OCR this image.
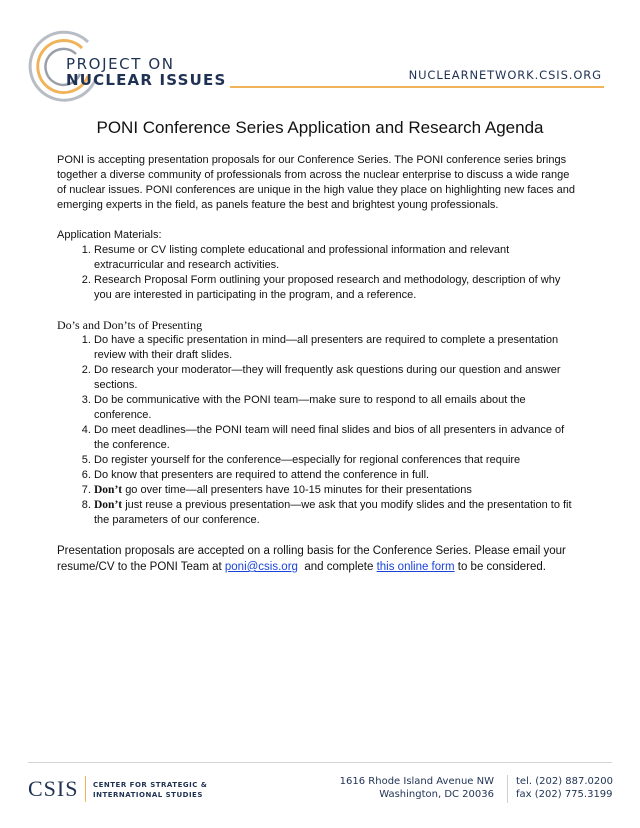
PROJECT ON
NUCLEAR ISSUES	NUCLEARNETWORK.CSIS.ORG
PONI Conference Series Application and Research Agenda

PONI is accepting presentation proposals for our Conference Series. The PONI conference series brings together a diverse community of professionals from across the nuclear enterprise to discuss a wide range of nuclear issues. PONI conferences are unique in the high value they place on highlighting new faces and emerging experts in the field, as panels feature the best and brightest young professionals.

Application Materials:

1. Resume or CV listing complete educational and professional information and relevant extracurricular and research activities.
2. Research Proposal Form outlining your proposed research and methodology, description of why you are interested in participating in the program, and a reference.

Do’s and Don’ts of Presenting

1. Do have a specific presentation in mind—all presenters are required to complete a presentation review with their draft slides.
2. Do research your moderator—they will frequently ask questions during our question and answer sections.
3. Do be communicative with the PONI team—make sure to respond to all emails about the conference.
4. Do meet deadlines—the PONI team will need final slides and bios of all presenters in advance of the conference.
5. Do register yourself for the conference—especially for regional conferences that require
6. Do know that presenters are required to attend the conference in full.
7. Don’t go over time—all presenters have 10-15 minutes for their presentations
8. Don’t just reuse a previous presentation—we ask that you modify slides and the presentation to fit the parameters of our conference.

Presentation proposals are accepted on a rolling basis for the Conference Series. Please email your resume/CV to the PONI Team at poni@csis.org  and complete this online form to be considered.

CSIS CENTER FOR STRATEGIC &
INTERNATIONAL STUDIES
1616 Rhode Island Avenue NW
Washington, DC 20036
tel. (202) 887.0200
fax (202) 775.3199
